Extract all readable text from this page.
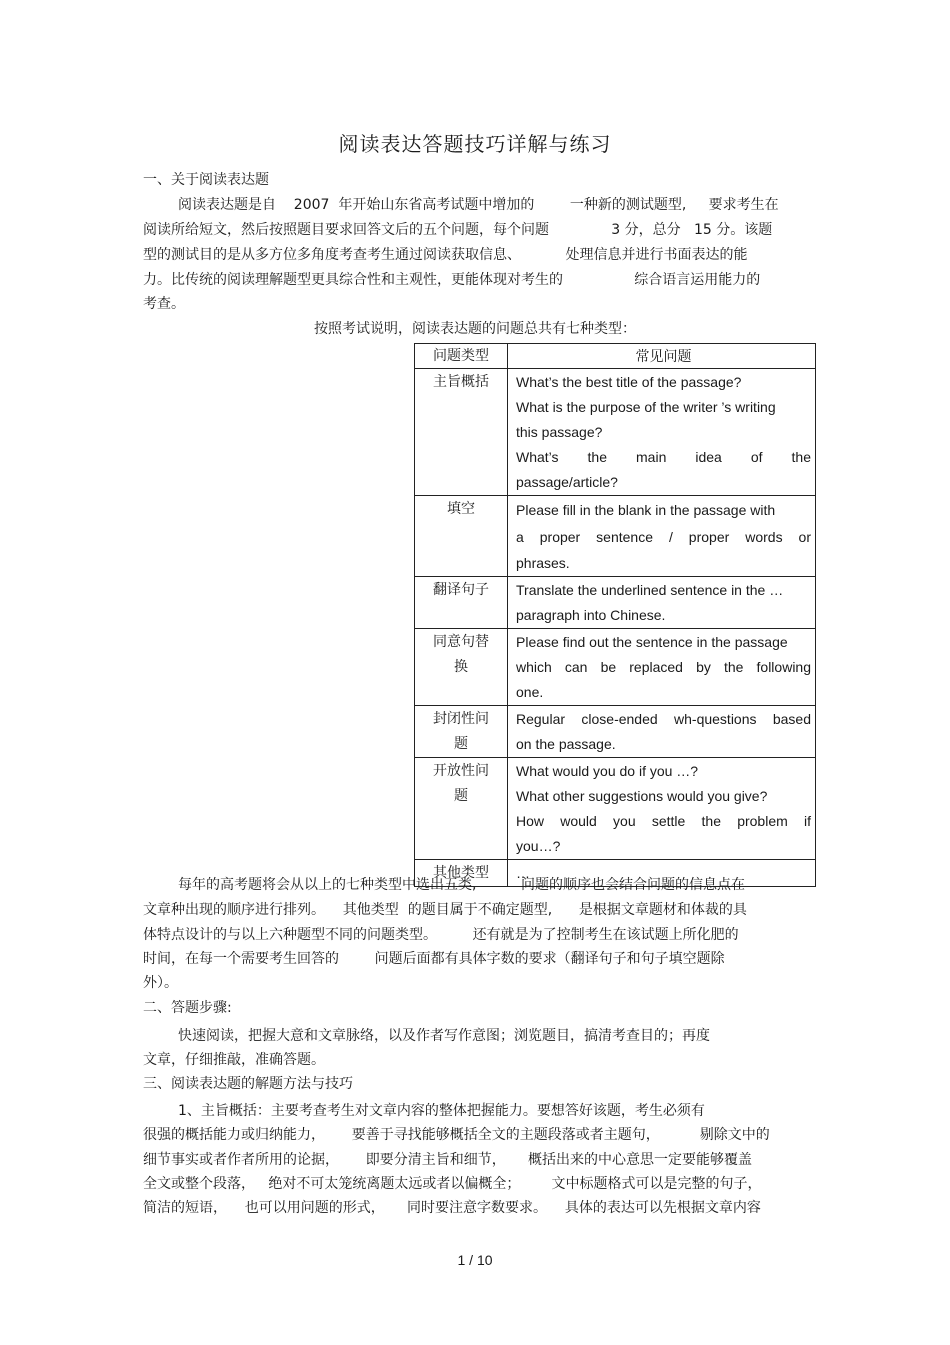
阅读表达答题技巧详解与练习
一、关于阅读表达题
阅读表达题是自    2007  年开始山东省高考试题中增加的        一种新的测试题型,     要求考生在
阅读所给短文，然后按照题目要求回答文后的五个问题，每个问题              3 分，总分   15 分。该题
型的测试目的是从多方位多角度考查考生通过阅读获取信息、          处理信息并进行书面表达的能
力。比传统的阅读理解题型更具综合性和主观性，更能体现对考生的                综合语言运用能力的
考查。
按照考试说明，阅读表达题的问题总共有七种类型：
问题类型	常见问题

主旨概括	What’s the best title of the passage?
What is the purpose of the writer ’s writing
this passage?
What’s the main idea of the
passage/article?

填空	Please fill in the blank in the passage with
a proper sentence / proper words or
phrases.

翻译句子	Translate the underlined sentence in the …
paragraph into Chinese.

同意句替
换	Please find out the sentence in the passage
which can be replaced by the following
one.

封闭性问
题	Regular close-ended wh-questions based
on the passage.

开放性问
题	What would you do if you …?
What other suggestions would you give?
How would you settle the problem if
you…?

其他类型	…
每年的高考题将会从以上的七种类型中选出五类,          问题的顺序也会结合问题的信息点在
文章种出现的顺序进行排列。    其他类型  的题目属于不确定题型,      是根据文章题材和体裁的具
体特点设计的与以上六种题型不同的问题类型。        还有就是为了控制考生在该试题上所化肥的
时间，在每一个需要考生回答的        问题后面都有具体字数的要求（翻译句子和句子填空题除
外）。
二、答题步骤:
快速阅读，把握大意和文章脉络，以及作者写作意图；浏览题目，搞清考查目的；再度
文章，仔细推敲，准确答题。
三、阅读表达题的解题方法与技巧
1、主旨概括：主要考查考生对文章内容的整体把握能力。要想答好该题，考生必须有
很强的概括能力或归纳能力，      要善于寻找能够概括全文的主题段落或者主题句，         剔除文中的
细节事实或者作者所用的论据，      即要分清主旨和细节，     概括出来的中心意思一定要能够覆盖
全文或整个段落，   绝对不可太笼统离题太远或者以偏概全；       文中标题格式可以是完整的句子，
简洁的短语，    也可以用问题的形式，     同时要注意字数要求。    具体的表达可以先根据文章内容
1 / 10
